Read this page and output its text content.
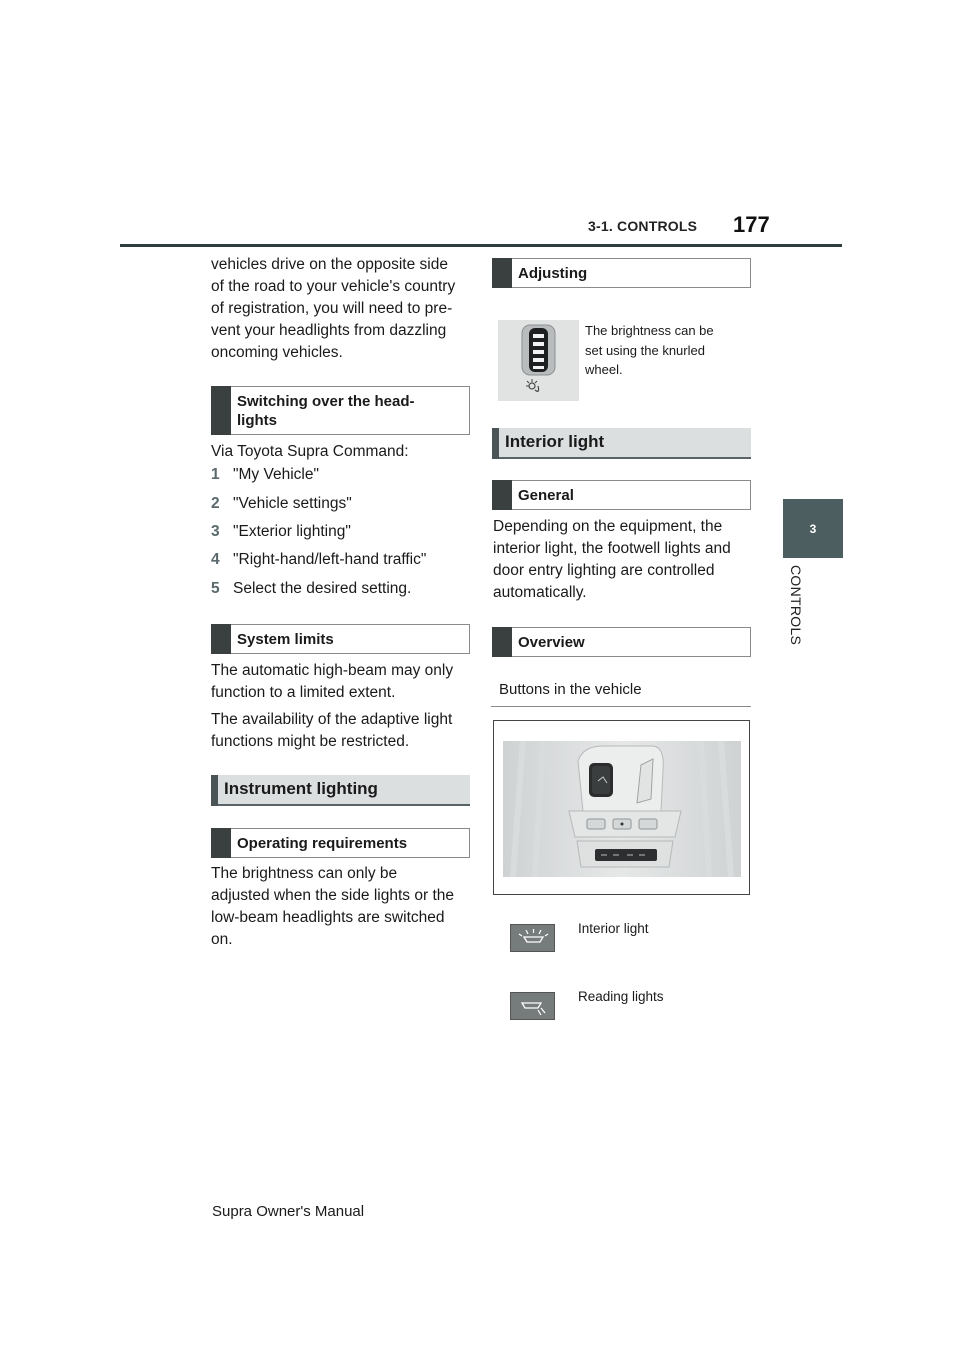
3-1. CONTROLS 177
3
CONTROLS
vehicles drive on the opposite side
of the road to your vehicle's country
of registration, you will need to pre-
vent your headlights from dazzling
oncoming vehicles.
Switching over the head-
lights
Via Toyota Supra Command:
1 "My Vehicle"
2 "Vehicle settings"
3 "Exterior lighting"
4 "Right-hand/left-hand traffic"
5 Select the desired setting.
System limits
The automatic high-beam may only
function to a limited extent.
The availability of the adaptive light
functions might be restricted.
Instrument lighting
Operating requirements
The brightness can only be
adjusted when the side lights or the
low-beam headlights are switched
on.
Adjusting
The brightness can be
set using the knurled
wheel.
Interior light
General
Depending on the equipment, the
interior light, the footwell lights and
door entry lighting are controlled
automatically.
Overview
Buttons in the vehicle
Interior light
Reading lights
Supra Owner's Manual
